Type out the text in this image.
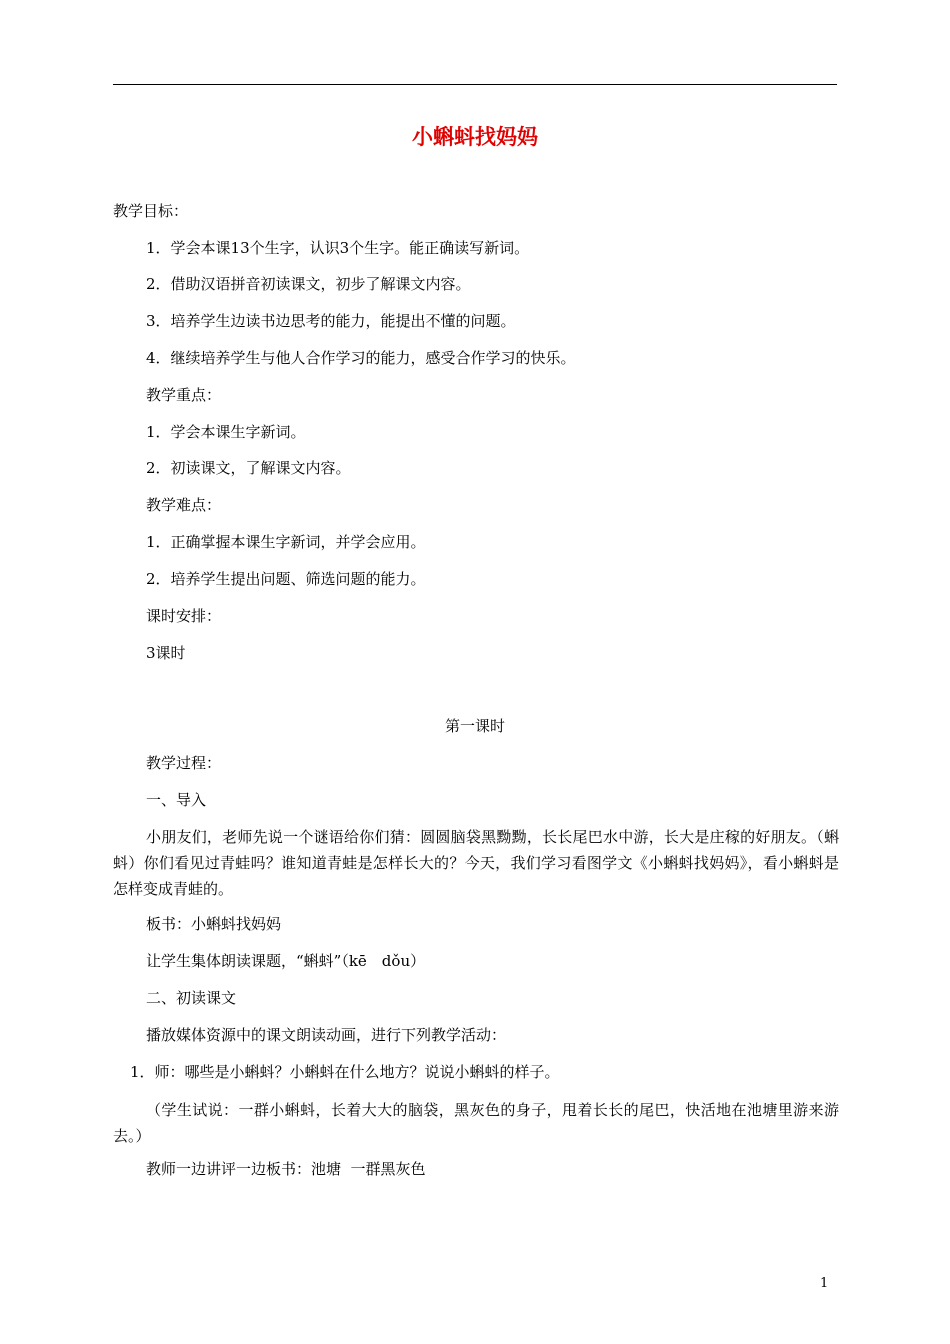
小蝌蚪找妈妈
教学目标：
1．学会本课13个生字，认识3个生字。能正确读写新词。
2．借助汉语拼音初读课文，初步了解课文内容。
3．培养学生边读书边思考的能力，能提出不懂的问题。
4．继续培养学生与他人合作学习的能力，感受合作学习的快乐。
教学重点：
1．学会本课生字新词。
2．初读课文，了解课文内容。
教学难点：
1．正确掌握本课生字新词，并学会应用。
2．培养学生提出问题、筛选问题的能力。
课时安排：
3课时
第一课时
教学过程：
一、导入
小朋友们，老师先说一个谜语给你们猜：圆圆脑袋黑黝黝，长长尾巴水中游，长大是庄稼的好朋友。（蝌蚪）你们看见过青蛙吗？谁知道青蛙是怎样长大的？今天，我们学习看图学文《小蝌蚪找妈妈》，看小蝌蚪是怎样变成青蛙的。
板书：小蝌蚪找妈妈
让学生集体朗读课题，“蝌蚪”（kē　dǒu）
二、初读课文
播放媒体资源中的课文朗读动画，进行下列教学活动：
1．师：哪些是小蝌蚪？小蝌蚪在什么地方？说说小蝌蚪的样子。
（学生试说：一群小蝌蚪，长着大大的脑袋，黑灰色的身子，甩着长长的尾巴，快活地在池塘里游来游去。）
教师一边讲评一边板书：池塘  一群黑灰色
1
